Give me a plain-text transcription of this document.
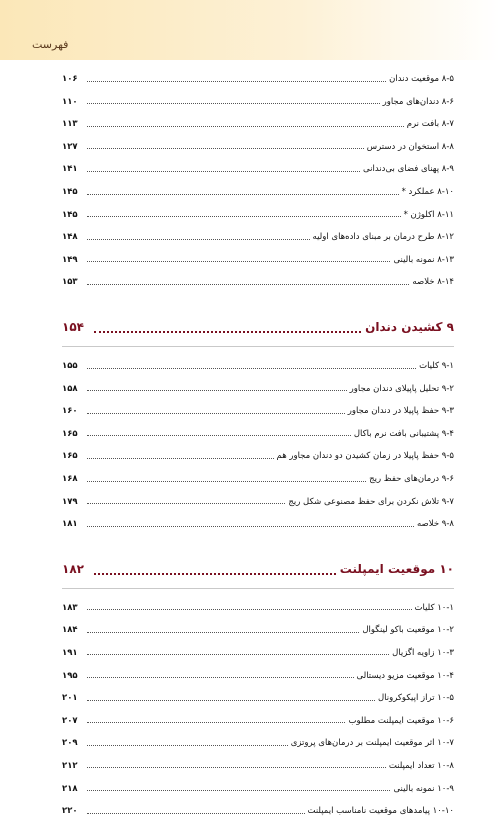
فهرست
۸-۵ موقعیت دندان
۱۰۶
۸-۶ دندان‌های مجاور
۱۱۰
۸-۷ بافت نرم
۱۱۳
۸-۸ استخوان در دسترس
۱۲۷
۸-۹ پهنای فضای بی‌دندانی
۱۴۱
۸-۱۰ عملکرد *
۱۴۵
۸-۱۱ اکلوژن *
۱۴۵
۸-۱۲ طرح درمان بر مبنای داده‌های اولیه
۱۴۸
۸-۱۳ نمونه بالینی
۱۴۹
۸-۱۴ خلاصه
۱۵۳
۹ کشیدن دندان
۱۵۴
۹-۱ کلیات
۱۵۵
۹-۲ تحلیل پاپیلای دندان مجاور
۱۵۸
۹-۳ حفظ پاپیلا در دندان مجاور
۱۶۰
۹-۴ پشتیبانی بافت نرم باکال
۱۶۵
۹-۵ حفظ پاپیلا در زمان کشیدن دو دندان مجاور هم
۱۶۵
۹-۶ درمان‌های حفظ ریج
۱۶۸
۹-۷ تلاش نکردن برای حفظ مصنوعی شکل ریج
۱۷۹
۹-۸ خلاصه
۱۸۱
۱۰ موقعیت ایمپلنت
۱۸۲
۱۰-۱ کلیات
۱۸۳
۱۰-۲ موقعیت باکو لینگوال
۱۸۴
۱۰-۳ زاویه اگزیال
۱۹۱
۱۰-۴ موقعیت مزیو دیستالی
۱۹۵
۱۰-۵ تراز اپیکوکرونال
۲۰۱
۱۰-۶ موقعیت ایمپلنت مطلوب
۲۰۷
۱۰-۷ اثر موقعیت ایمپلنت بر درمان‌های پروتزی
۲۰۹
۱۰-۸ تعداد ایمپلنت
۲۱۲
۱۰-۹ نمونه بالینی
۲۱۸
۱۰-۱۰ پیامدهای موقعیت نامناسب ایمپلنت
۲۲۰
